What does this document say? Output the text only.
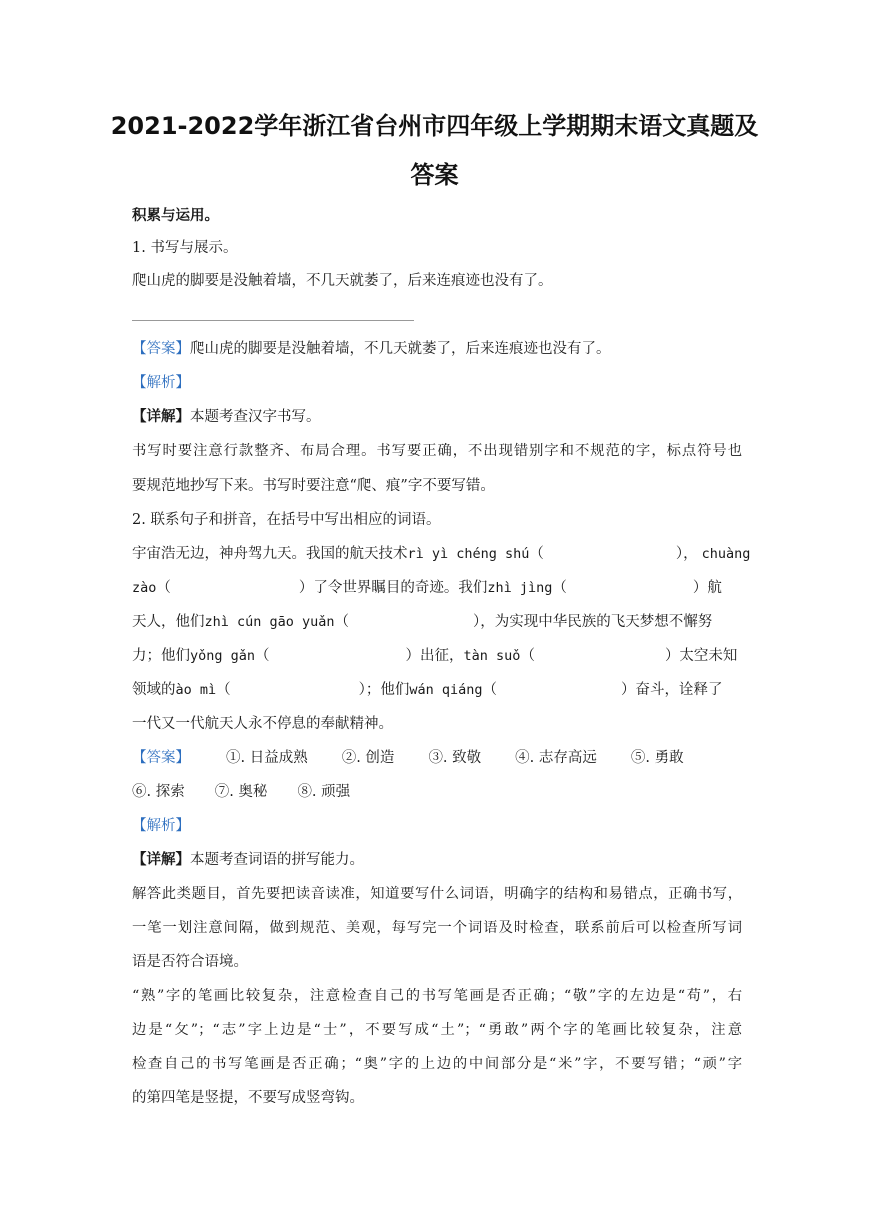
2021-2022学年浙江省台州市四年级上学期期末语文真题及
答案
积累与运用。
1. 书写与展示。
爬山虎的脚要是没触着墙，不几天就萎了，后来连痕迹也没有了。
【答案】爬山虎的脚要是没触着墙，不几天就萎了，后来连痕迹也没有了。
【解析】
【详解】本题考查汉字书写。
书写时要注意行款整齐、布局合理。书写要正确，不出现错别字和不规范的字，标点符号也
要规范地抄写下来。书写时要注意“爬、痕”字不要写错。
2. 联系句子和拼音，在括号中写出相应的词语。
宇宙浩无边，神舟驾九天。我国的航天技术rì yì chéng shú（	）， chuàng
zào（	）了令世界瞩目的奇迹。我们zhì jìng（	）航
天人，他们zhì cún gāo yuǎn（	），为实现中华民族的飞天梦想不懈努
力；他们yǒng gǎn（	）出征，tàn suǒ（	）太空未知
领域的ào mì（	）；他们wán qiáng（	）奋斗，诠释了
一代又一代航天人永不停息的奉献精神。
【答案】 ①. 日益成熟 ②. 创造 ③. 致敬 ④. 志存高远 ⑤. 勇敢
⑥. 探索 ⑦. 奥秘 ⑧. 顽强
【解析】
【详解】本题考查词语的拼写能力。
解答此类题目，首先要把读音读准，知道要写什么词语，明确字的结构和易错点，正确书写，
一笔一划注意间隔，做到规范、美观，每写完一个词语及时检查，联系前后可以检查所写词
语是否符合语境。
“熟”字的笔画比较复杂，注意检查自己的书写笔画是否正确；“敬”字的左边是“苟”，右
边是“攵”；“志”字上边是“士”，不要写成“土”；“勇敢”两个字的笔画比较复杂，注意
检查自己的书写笔画是否正确；“奥”字的上边的中间部分是“米”字，不要写错；“顽”字
的第四笔是竖提，不要写成竖弯钩。
